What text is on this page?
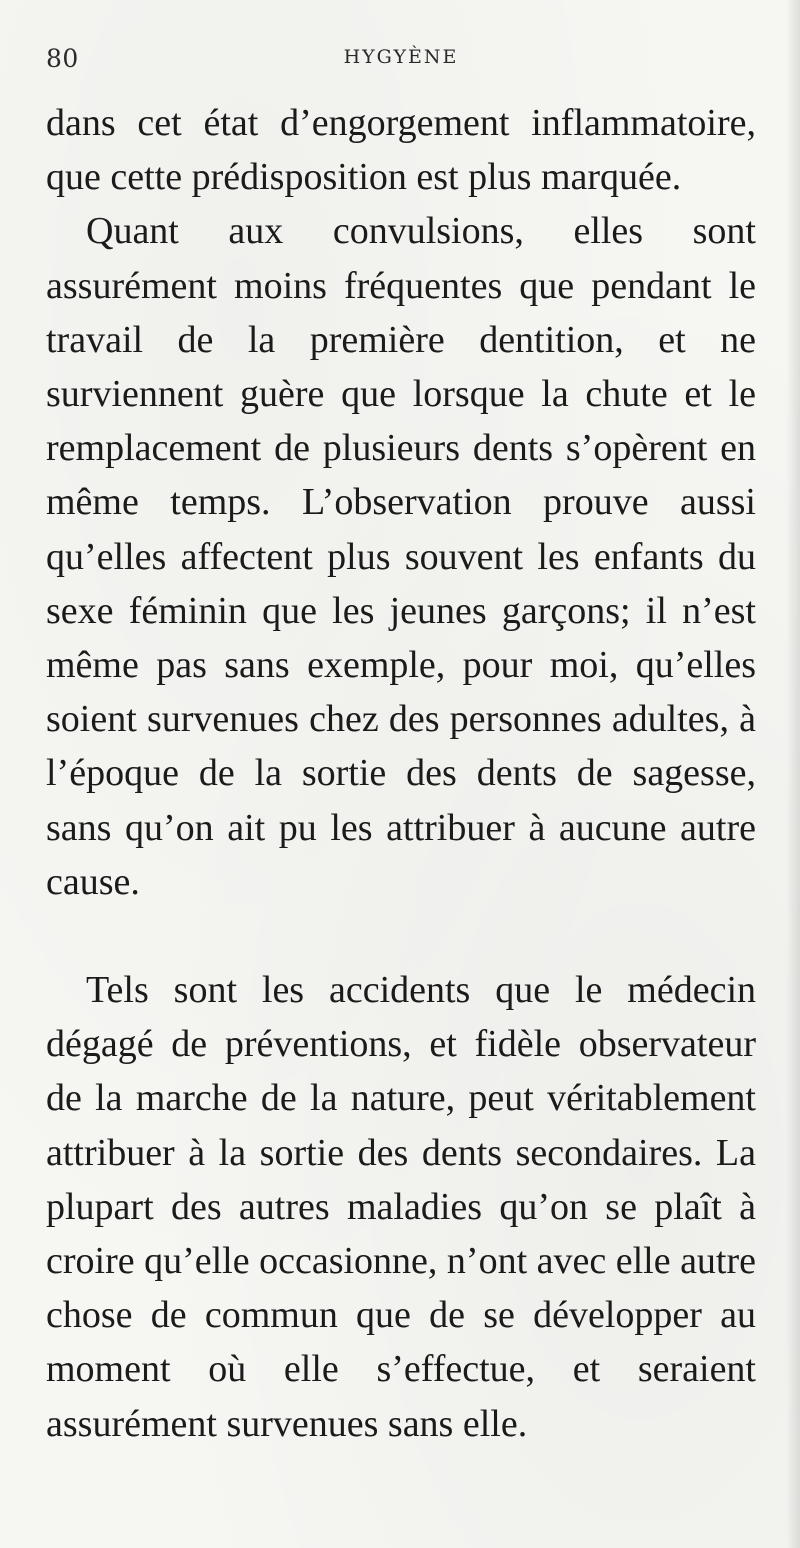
80	HYGYÈNE

dans cet état d’engorgement inflammatoire, que cette prédisposition est plus marquée.

Quant aux convulsions, elles sont assurément moins fréquentes que pendant le travail de la première dentition, et ne surviennent guère que lorsque la chute et le remplacement de plusieurs dents s’opèrent en même temps. L’observation prouve aussi qu’elles affectent plus souvent les enfants du sexe féminin que les jeunes garçons; il n’est même pas sans exemple, pour moi, qu’elles soient survenues chez des personnes adultes, à l’époque de la sortie des dents de sagesse, sans qu’on ait pu les attribuer à aucune autre cause.

Tels sont les accidents que le médecin dégagé de préventions, et fidèle observateur de la marche de la nature, peut véritablement attribuer à la sortie des dents secondaires. La plupart des autres maladies qu’on se plaît à croire qu’elle occasionne, n’ont avec elle autre chose de commun que de se développer au moment où elle s’effectue, et seraient assurément survenues sans elle.
